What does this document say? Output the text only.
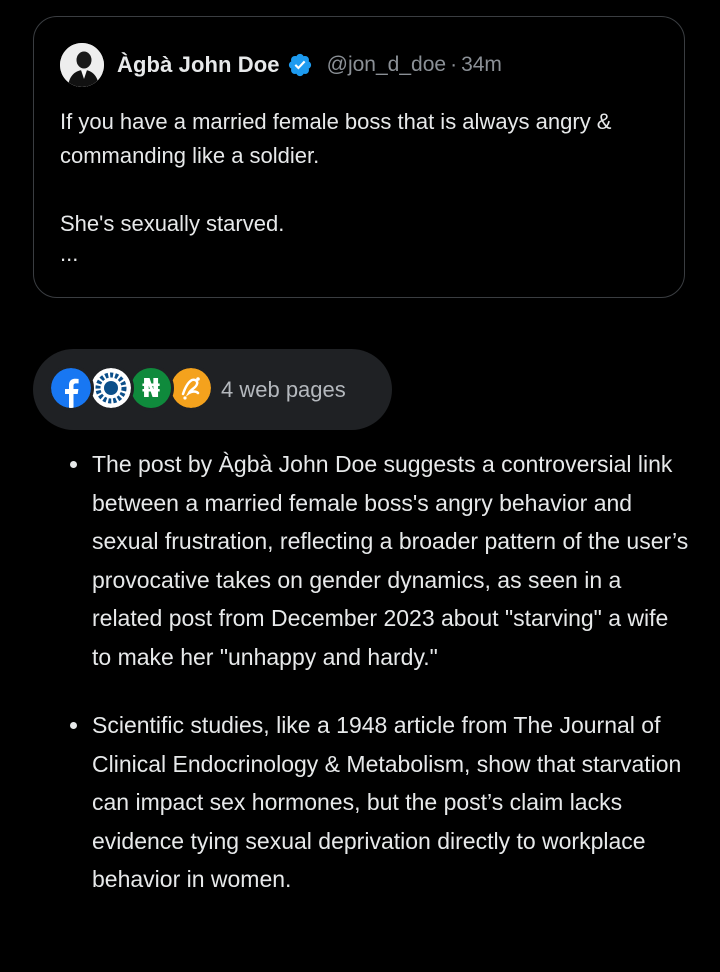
Àgbà John Doe @jon_d_doe · 34m

If you have a married female boss that is always angry & commanding like a soldier.

She's sexually starved.

...

₦	4 web pages
The post by Àgbà John Doe suggests a controversial link between a married female boss's angry behavior and sexual frustration, reflecting a broader pattern of the user’s provocative takes on gender dynamics, as seen in a related post from December 2023 about "starving" a wife to make her "unhappy and hardy."
Scientific studies, like a 1948 article from The Journal of Clinical Endocrinology & Metabolism, show that starvation can impact sex hormones, but the post’s claim lacks evidence tying sexual deprivation directly to workplace behavior in women.
